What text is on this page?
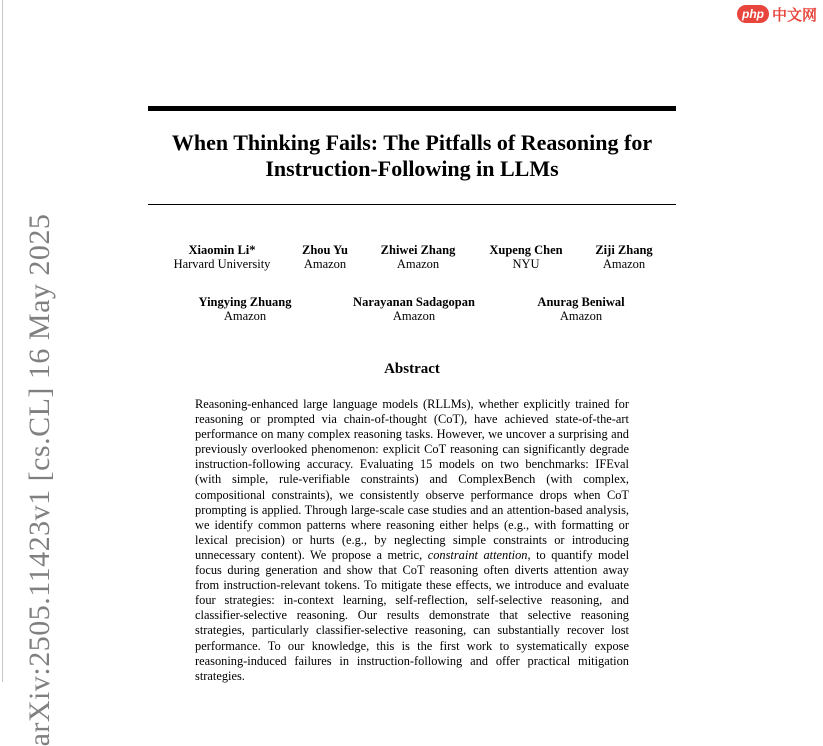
php 中文网
arXiv:2505.11423v1 [cs.CL] 16 May 2025
When Thinking Fails: The Pitfalls of Reasoning for
Instruction-Following in LLMs
Xiaomin Li*
Harvard University
Zhou Yu
Amazon
Zhiwei Zhang
Amazon
Xupeng Chen
NYU
Ziji Zhang
Amazon
Yingying Zhuang
Amazon
Narayanan Sadagopan
Amazon
Anurag Beniwal
Amazon
Abstract

Reasoning-enhanced large language models (RLLMs), whether explicitly trained for reasoning or prompted via chain-of-thought (CoT), have achieved state-of-the-art performance on many complex reasoning tasks. However, we uncover a surprising and previously overlooked phenomenon: explicit CoT reasoning can significantly degrade instruction-following accuracy. Evaluating 15 models on two benchmarks: IFEval (with simple, rule-verifiable constraints) and ComplexBench (with complex, compositional constraints), we consistently observe performance drops when CoT prompting is applied. Through large-scale case studies and an attention-based analysis, we identify common patterns where reasoning either helps (e.g., with formatting or lexical precision) or hurts (e.g., by neglecting simple constraints or introducing unnecessary content). We propose a metric, constraint attention, to quantify model focus during generation and show that CoT reasoning often diverts attention away from instruction-relevant tokens. To mitigate these effects, we introduce and evaluate four strategies: in-context learning, self-reflection, self-selective reasoning, and classifier-selective reasoning. Our results demonstrate that selective reasoning strategies, particularly classifier-selective reasoning, can substantially recover lost performance. To our knowledge, this is the first work to systematically expose reasoning-induced failures in instruction-following and offer practical mitigation strategies.
